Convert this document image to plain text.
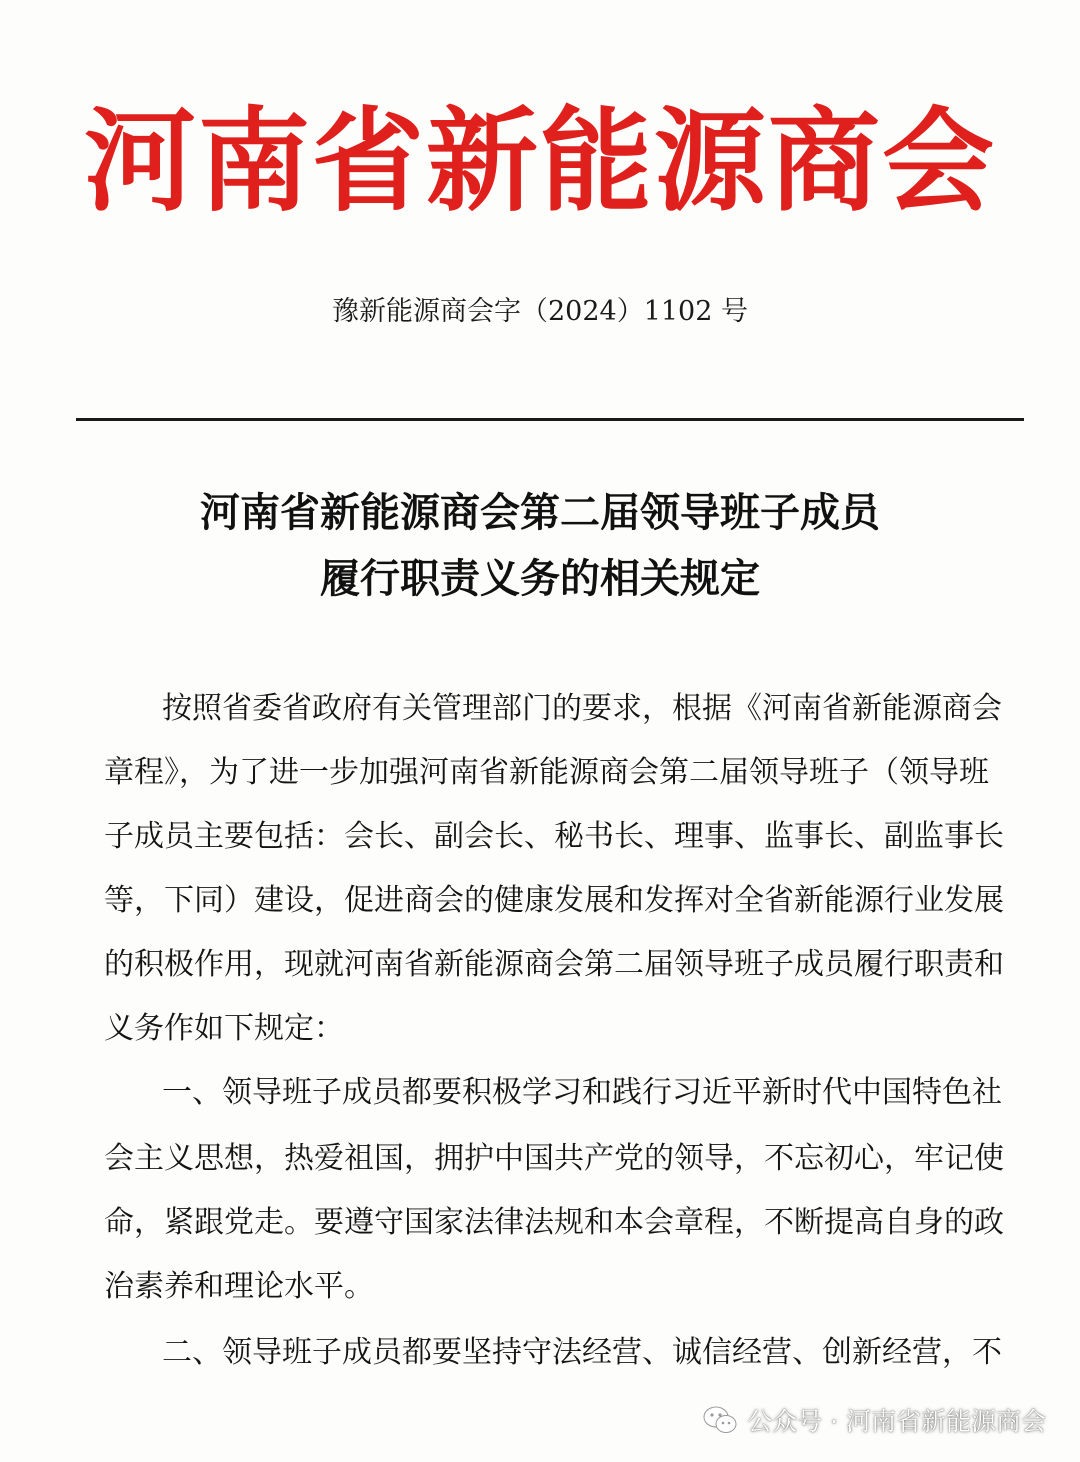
河南省新能源商会
豫新能源商会字（2024）1102 号
河南省新能源商会第二届领导班子成员
履行职责义务的相关规定
按照省委省政府有关管理部门的要求，根据《河南省新能源商会
章程》，为了进一步加强河南省新能源商会第二届领导班子（领导班
子成员主要包括：会长、副会长、秘书长、理事、监事长、副监事长
等，下同）建设，促进商会的健康发展和发挥对全省新能源行业发展
的积极作用，现就河南省新能源商会第二届领导班子成员履行职责和
义务作如下规定：
一、领导班子成员都要积极学习和践行习近平新时代中国特色社
会主义思想，热爱祖国，拥护中国共产党的领导，不忘初心，牢记使
命，紧跟党走。要遵守国家法律法规和本会章程，不断提高自身的政
治素养和理论水平。
二、领导班子成员都要坚持守法经营、诚信经营、创新经营，不
公众号 · 河南省新能源商会
